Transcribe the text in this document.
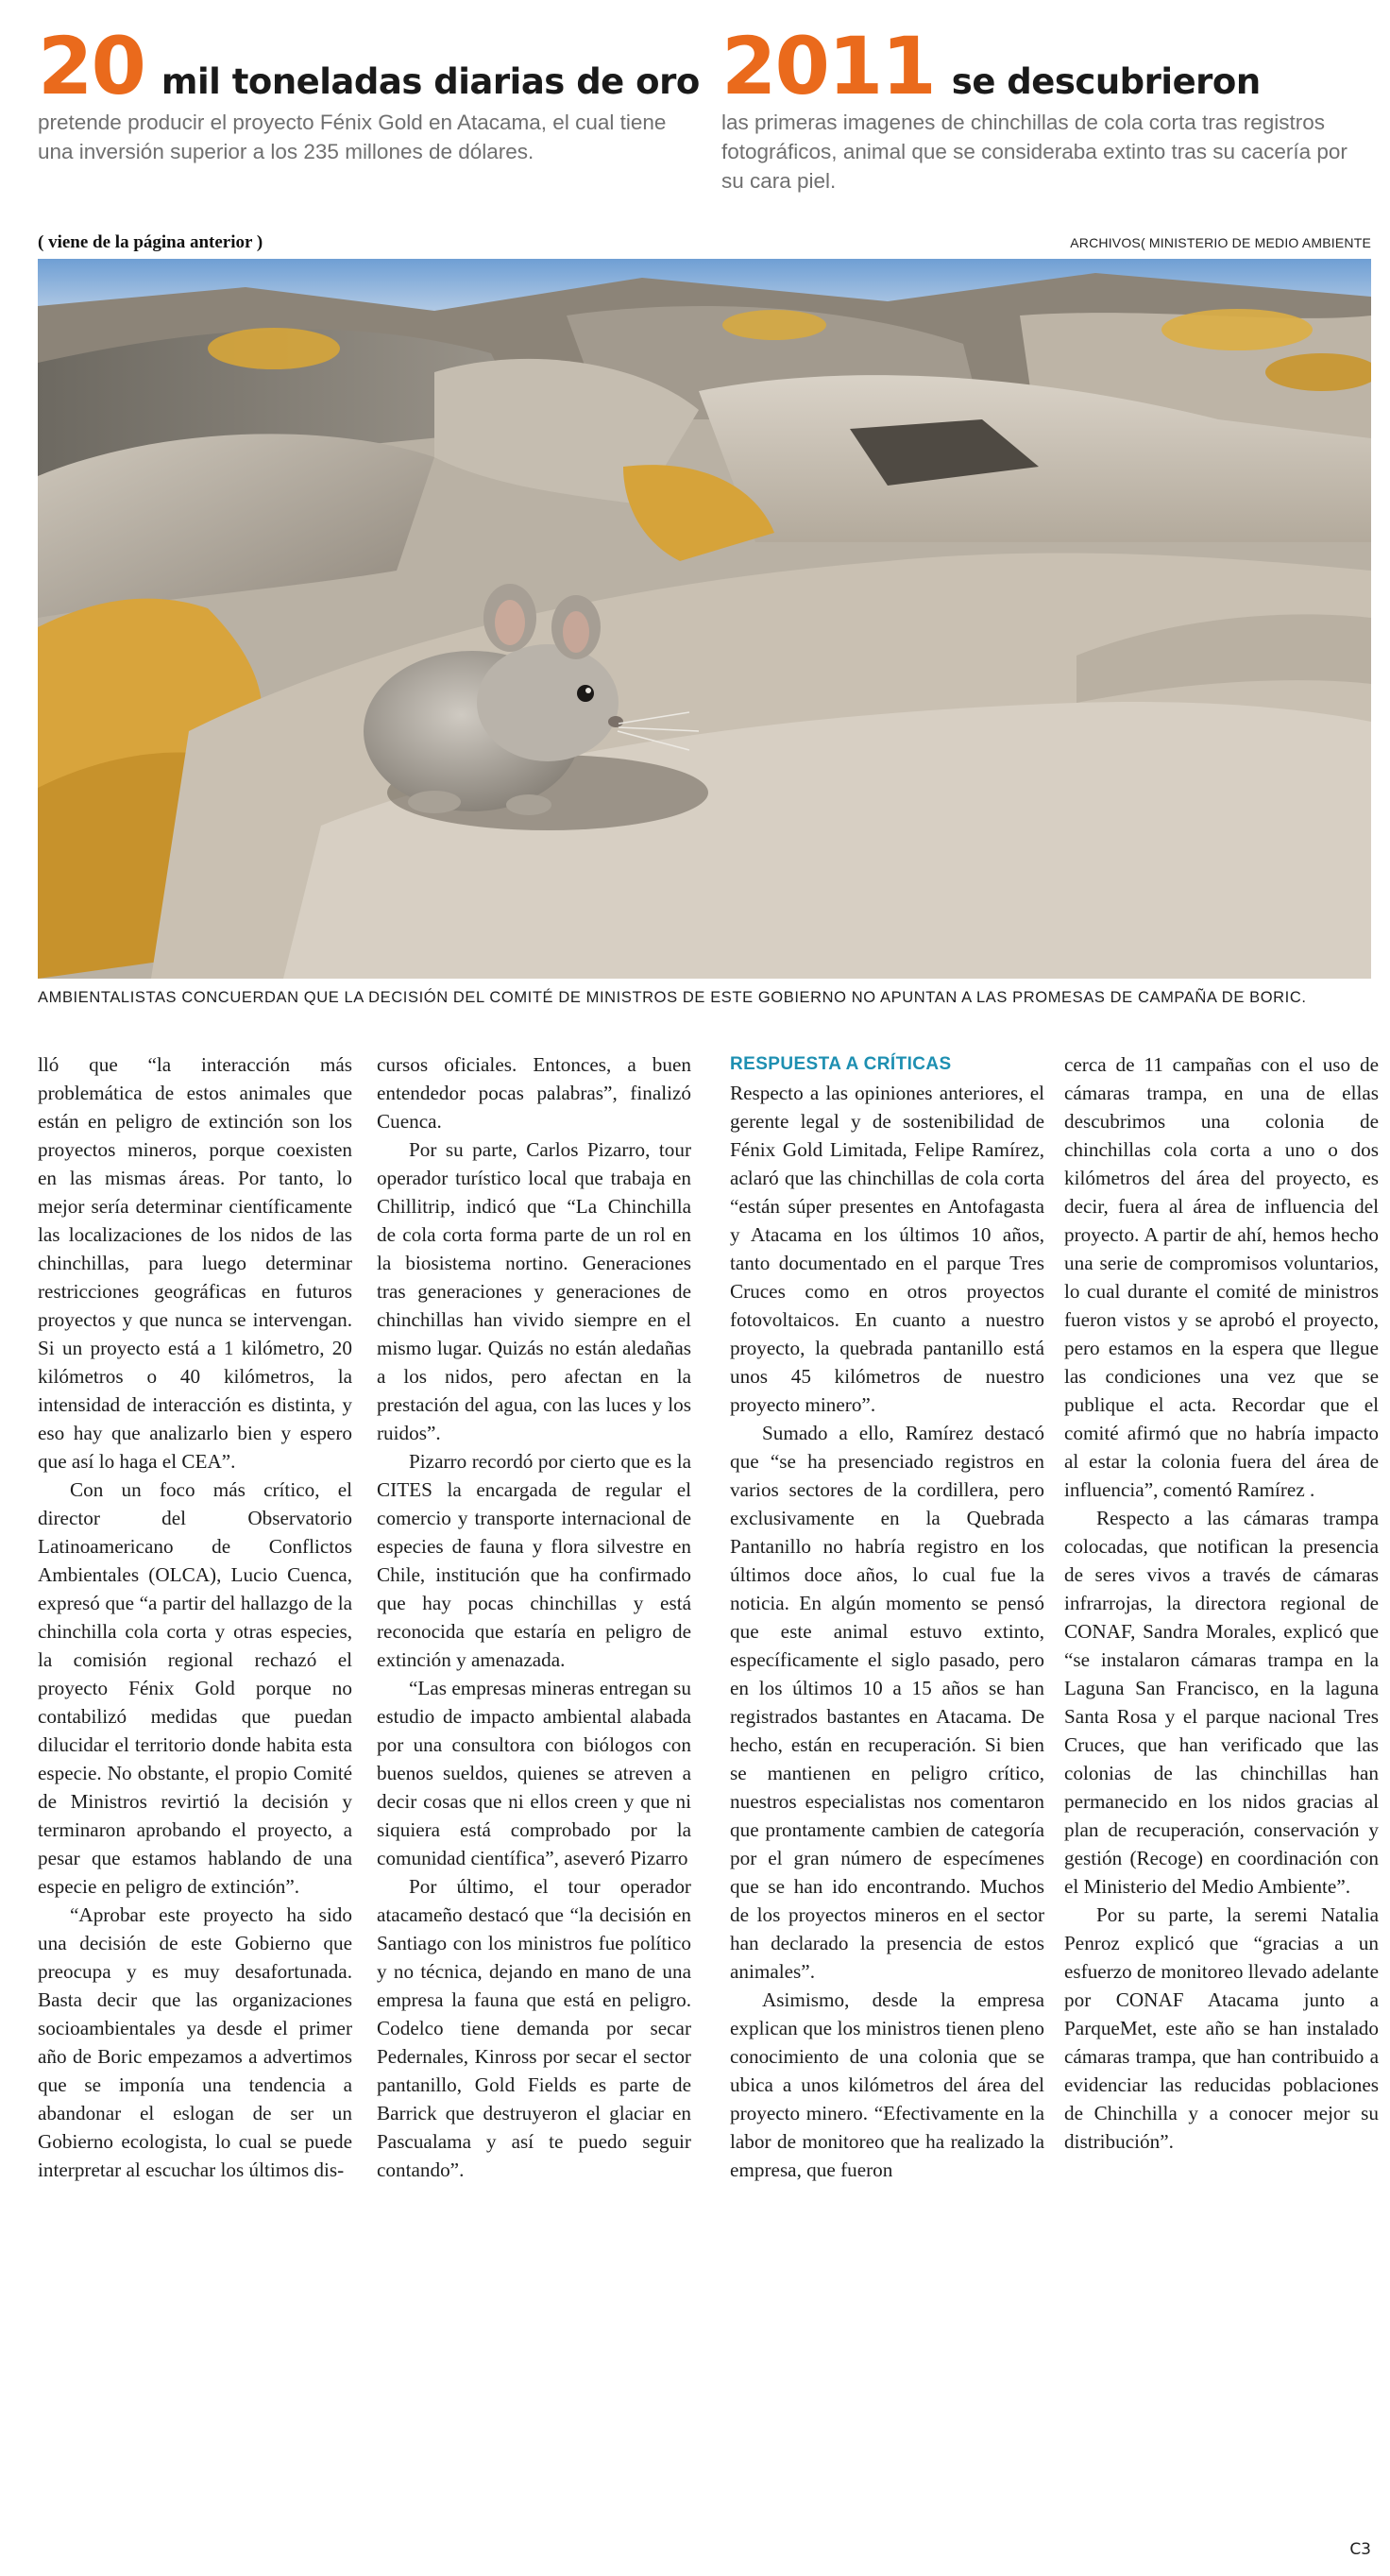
20 mil toneladas diarias de oro
pretende producir el proyecto Fénix Gold en Atacama, el cual tiene una inversión superior a los 235 millones de dólares.
2011 se descubrieron
las primeras imagenes de chinchillas de cola corta tras registros fotográficos, animal que se consideraba extinto tras su cacería por su cara piel.
( viene de la página anterior )	ARCHIVOS( MINISTERIO DE MEDIO AMBIENTE
AMBIENTALISTAS CONCUERDAN QUE LA DECISIÓN DEL COMITÉ DE MINISTROS DE ESTE GOBIERNO NO APUNTAN A LAS PROMESAS DE CAMPAÑA DE BORIC.

lló que “la interacción más problemática de estos animales que están en peligro de extinción son los proyectos mineros, porque coexisten en las mismas áreas. Por tanto, lo mejor sería determinar científicamente las localizaciones de los nidos de las chinchillas, para luego determinar restricciones geográficas en futuros proyectos y que nunca se intervengan. Si un proyecto está a 1 kilómetro, 20 kilómetros o 40 kilómetros, la intensidad de interacción es distinta, y eso hay que analizarlo bien y espero que así lo haga el CEA”.

Con un foco más crítico, el director del Observatorio Latinoamericano de Conflictos Ambientales (OLCA), Lucio Cuenca, expresó que “a partir del hallazgo de la chinchilla cola corta y otras especies, la comisión regional rechazó el proyecto Fénix Gold porque no contabilizó medidas que puedan dilucidar el territorio donde habita esta especie. No obstante, el propio Comité de Ministros revirtió la decisión y terminaron aprobando el proyecto, a pesar que estamos hablando de una especie en peligro de extinción”.

“Aprobar este proyecto ha sido una decisión de este Gobierno que preocupa y es muy desafortunada. Basta decir que las organizaciones socioambientales ya desde el primer año de Boric empezamos a advertimos que se imponía una tendencia a abandonar el eslogan de ser un Gobierno ecologista, lo cual se puede interpretar al escuchar los últimos dis-

cursos oficiales. Entonces, a buen entendedor pocas palabras”, finalizó Cuenca.

Por su parte, Carlos Pizarro, tour operador turístico local que trabaja en Chillitrip, indicó que “La Chinchilla de cola corta forma parte de un rol en la biosistema nortino. Generaciones tras generaciones y generaciones de chinchillas han vivido siempre en el mismo lugar. Quizás no están aledañas a los nidos, pero afectan en la prestación del agua, con las luces y los ruidos”.

Pizarro recordó por cierto que es la CITES la encargada de regular el comercio y transporte internacional de especies de fauna y flora silvestre en Chile, institución que ha confirmado que hay pocas chinchillas y está reconocida que estaría en peligro de extinción y amenazada.

“Las empresas mineras entregan su estudio de impacto ambiental alabada por una consultora con biólogos con buenos sueldos, quienes se atreven a decir cosas que ni ellos creen y que ni siquiera está comprobado por la comunidad científica”, aseveró Pizarro

Por último, el tour operador atacameño destacó que “la decisión en Santiago con los ministros fue político y no técnica, dejando en mano de una empresa la fauna que está en peligro. Codelco tiene demanda por secar Pedernales, Kinross por secar el sector pantanillo, Gold Fields es parte de Barrick que destruyeron el glaciar en Pascualama y así te puedo seguir contando”.

RESPUESTA A CRÍTICAS

Respecto a las opiniones anteriores, el gerente legal y de sostenibilidad de Fénix Gold Limitada, Felipe Ramírez, aclaró que las chinchillas de cola corta “están súper presentes en Antofagasta y Atacama en los últimos 10 años, tanto documentado en el parque Tres Cruces como en otros proyectos fotovoltaicos. En cuanto a nuestro proyecto, la quebrada pantanillo está unos 45 kilómetros de nuestro proyecto minero”.

Sumado a ello, Ramírez destacó que “se ha presenciado registros en varios sectores de la cordillera, pero exclusivamente en la Quebrada Pantanillo no habría registro en los últimos doce años, lo cual fue la noticia. En algún momento se pensó que este animal estuvo extinto, específicamente el siglo pasado, pero en los últimos 10 a 15 años se han registrados bastantes en Atacama. De hecho, están en recuperación. Si bien se mantienen en peligro crítico, nuestros especialistas nos comentaron que prontamente cambien de categoría por el gran número de especímenes que se han ido encontrando. Muchos de los proyectos mineros en el sector han declarado la presencia de estos animales”.

Asimismo, desde la empresa explican que los ministros tienen pleno conocimiento de una colonia que se ubica a unos kilómetros del área del proyecto minero. “Efectivamente en la labor de monitoreo que ha realizado la empresa, que fueron

cerca de 11 campañas con el uso de cámaras trampa, en una de ellas descubrimos una colonia de chinchillas cola corta a uno o dos kilómetros del área del proyecto, es decir, fuera al área de influencia del proyecto. A partir de ahí, hemos hecho una serie de compromisos voluntarios, lo cual durante el comité de ministros fueron vistos y se aprobó el proyecto, pero estamos en la espera que llegue las condiciones una vez que se publique el acta. Recordar que el comité afirmó que no habría impacto al estar la colonia fuera del área de influencia”, comentó Ramírez .

Respecto a las cámaras trampa colocadas, que notifican la presencia de seres vivos a través de cámaras infrarrojas, la directora regional de CONAF, Sandra Morales, explicó que “se instalaron cámaras trampa en la Laguna San Francisco, en la laguna Santa Rosa y el parque nacional Tres Cruces, que han verificado que las colonias de las chinchillas han permanecido en los nidos gracias al plan de recuperación, conservación y gestión (Recoge) en coordinación con el Ministerio del Medio Ambiente”.

Por su parte, la seremi Natalia Penroz explicó que “gracias a un esfuerzo de monitoreo llevado adelante por CONAF Atacama junto a ParqueMet, este año se han instalado cámaras trampa, que han contribuido a evidenciar las reducidas poblaciones de Chinchilla y a conocer mejor su distribución”.

C3
